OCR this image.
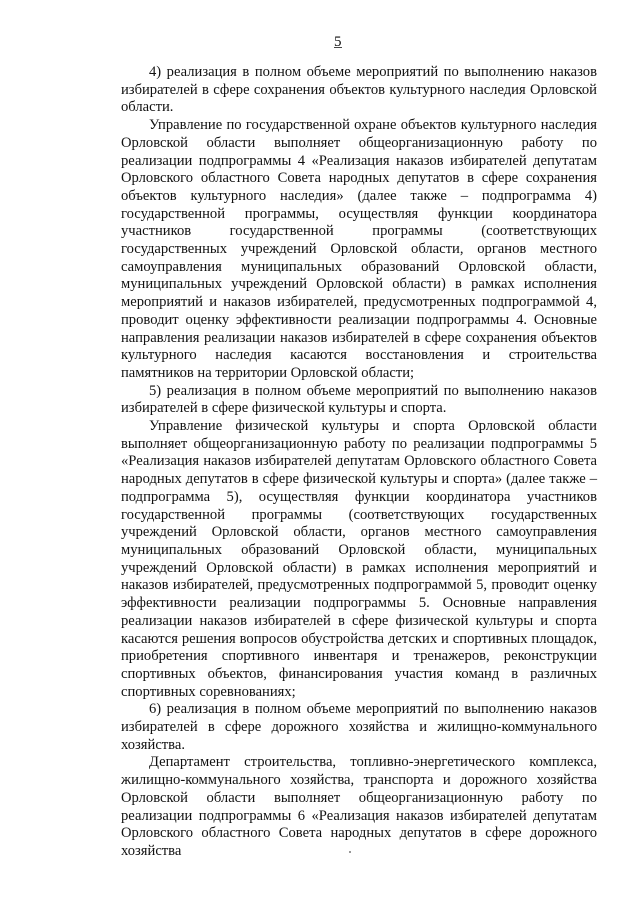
5

4) реализация в полном объеме мероприятий по выполнению наказов избирателей в сфере сохранения объектов культурного наследия Орловской области.

Управление по государственной охране объектов культурного наследия Орловской области выполняет общеорганизационную работу по реализации подпрограммы 4 «Реализация наказов избирателей депутатам Орловского областного Совета народных депутатов в сфере сохранения объектов культурного наследия» (далее также – подпрограмма 4) государственной программы, осуществляя функции координатора участников государственной программы (соответствующих государственных учреждений Орловской области, органов местного самоуправления муниципальных образований Орловской области, муниципальных учреждений Орловской области) в рамках исполнения мероприятий и наказов избирателей, предусмотренных подпрограммой 4, проводит оценку эффективности реализации подпрограммы 4. Основные направления реализации наказов избирателей в сфере сохранения объектов культурного наследия касаются восстановления и строительства памятников на территории Орловской области;

5) реализация в полном объеме мероприятий по выполнению наказов избирателей в сфере физической культуры и спорта.

Управление физической культуры и спорта Орловской области выполняет общеорганизационную работу по реализации подпрограммы 5 «Реализация наказов избирателей депутатам Орловского областного Совета народных депутатов в сфере физической культуры и спорта» (далее также – подпрограмма 5), осуществляя функции координатора участников государственной программы (соответствующих государственных учреждений Орловской области, органов местного самоуправления муниципальных образований Орловской области, муниципальных учреждений Орловской области) в рамках исполнения мероприятий и наказов избирателей, предусмотренных подпрограммой 5, проводит оценку эффективности реализации подпрограммы 5. Основные направления реализации наказов избирателей в сфере физической культуры и спорта касаются решения вопросов обустройства детских и спортивных площадок, приобретения спортивного инвентаря и тренажеров, реконструкции спортивных объектов, финансирования участия команд в различных спортивных соревнованиях;

6) реализация в полном объеме мероприятий по выполнению наказов избирателей в сфере дорожного хозяйства и жилищно-коммунального хозяйства.

Департамент строительства, топливно-энергетического комплекса, жилищно-коммунального хозяйства, транспорта и дорожного хозяйства Орловской области выполняет общеорганизационную работу по реализации подпрограммы 6 «Реализация наказов избирателей депутатам Орловского областного Совета народных депутатов в сфере дорожного хозяйства
